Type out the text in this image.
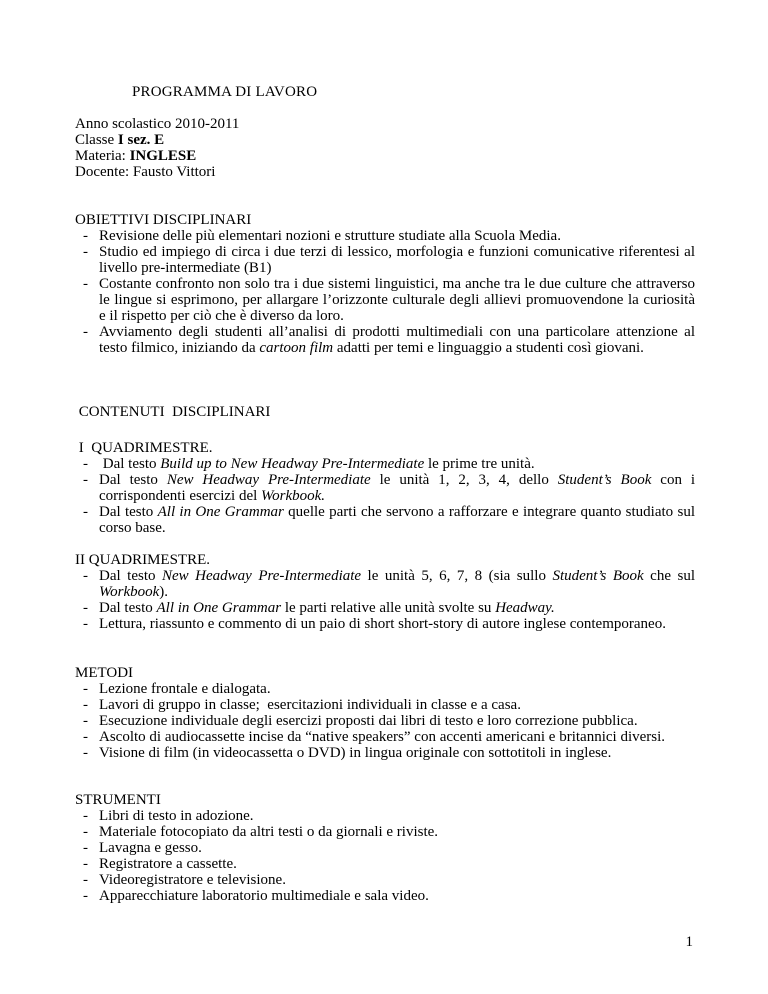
PROGRAMMA DI LAVORO
Anno scolastico 2010-2011
Classe I sez. E
Materia: INGLESE
Docente: Fausto Vittori
OBIETTIVI DISCIPLINARI
- Revisione delle più elementari nozioni e strutture studiate alla Scuola Media.
- Studio ed impiego di circa i due terzi di lessico, morfologia e funzioni comunicative riferentesi al livello pre-intermediate (B1)
- Costante confronto non solo tra i due sistemi linguistici, ma anche tra le due culture che attraverso le lingue si esprimono, per allargare l’orizzonte culturale degli allievi promuovendone la curiosità e il rispetto per ciò che è diverso da loro.
- Avviamento degli studenti all’analisi di prodotti multimediali con una particolare attenzione al testo filmico, iniziando da cartoon film adatti per temi e linguaggio a studenti così giovani.
CONTENUTI  DISCIPLINARI
I  QUADRIMESTRE.
- Dal testo Build up to New Headway Pre-Intermediate le prime tre unità.
- Dal testo New Headway Pre-Intermediate le unità 1, 2, 3, 4, dello Student’s Book con i corrispondenti esercizi del Workbook.
- Dal testo All in One Grammar quelle parti che servono a rafforzare e integrare quanto studiato sul corso base.
II QUADRIMESTRE.
- Dal testo New Headway Pre-Intermediate le unità 5, 6, 7, 8 (sia sullo Student’s Book che sul Workbook).
- Dal testo All in One Grammar le parti relative alle unità svolte su Headway.
- Lettura, riassunto e commento di un paio di short short-story di autore inglese contemporaneo.
METODI
- Lezione frontale e dialogata.
- Lavori di gruppo in classe;  esercitazioni individuali in classe e a casa.
- Esecuzione individuale degli esercizi proposti dai libri di testo e loro correzione pubblica.
- Ascolto di audiocassette incise da “native speakers” con accenti americani e britannici diversi.
- Visione di film (in videocassetta o DVD) in lingua originale con sottotitoli in inglese.
STRUMENTI
- Libri di testo in adozione.
- Materiale fotocopiato da altri testi o da giornali e riviste.
- Lavagna e gesso.
- Registratore a cassette.
- Videoregistratore e televisione.
- Apparecchiature laboratorio multimediale e sala video.
1
